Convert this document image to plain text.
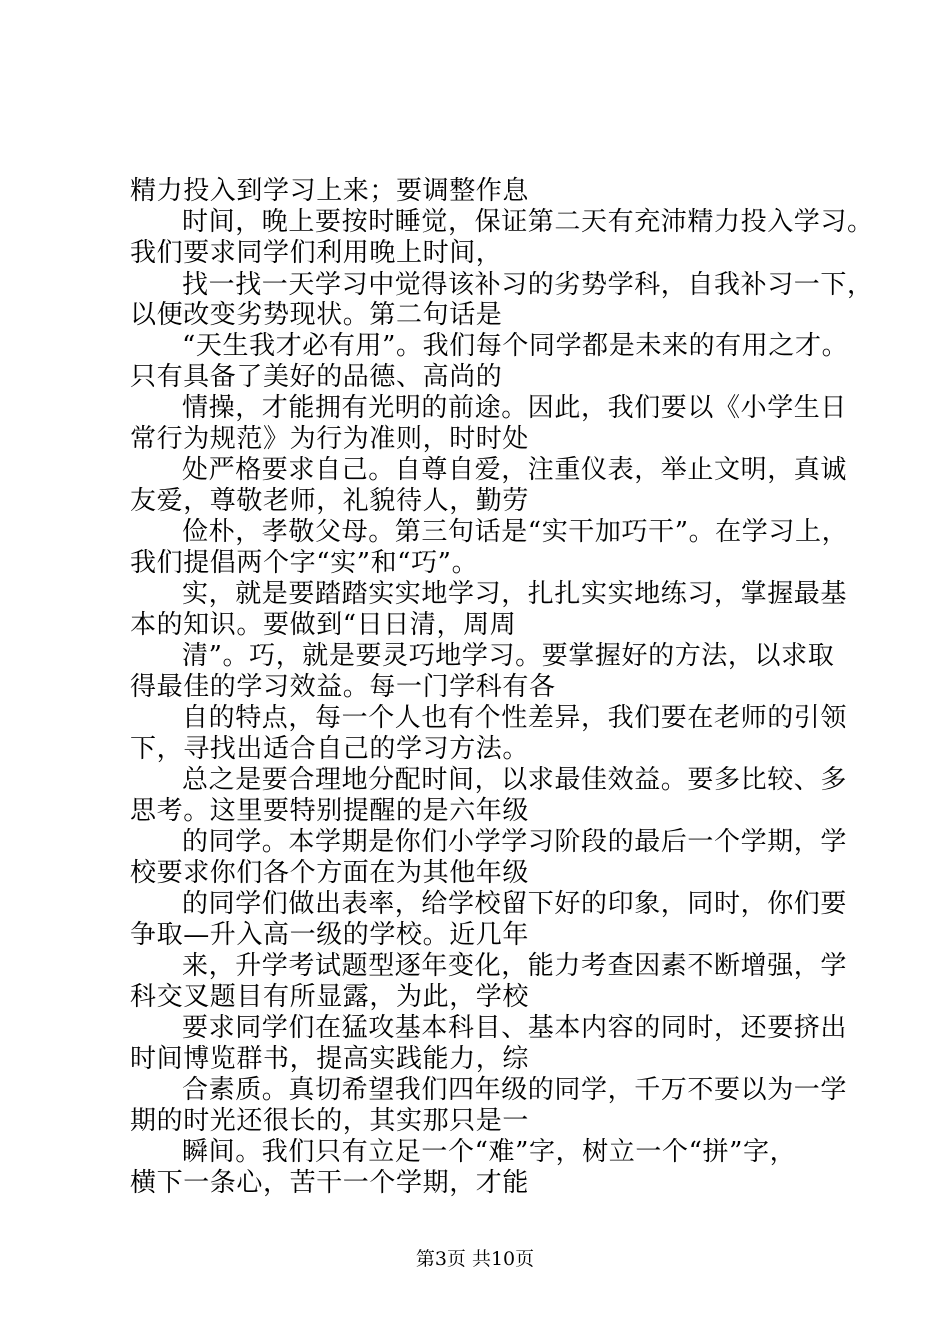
精力投入到学习上来；要调整作息
时间，晚上要按时睡觉，保证第二天有充沛精力投入学习。
我们要求同学们利用晚上时间，
找一找一天学习中觉得该补习的劣势学科，自我补习一下，
以便改变劣势现状。第二句话是
“天生我才必有用”。我们每个同学都是未来的有用之才。
只有具备了美好的品德、高尚的
情操，才能拥有光明的前途。因此，我们要以《小学生日
常行为规范》为行为准则，时时处
处严格要求自己。自尊自爱，注重仪表，举止文明，真诚
友爱，尊敬老师，礼貌待人，勤劳
俭朴，孝敬父母。第三句话是“实干加巧干”。在学习上，
我们提倡两个字“实”和“巧”。
实，就是要踏踏实实地学习，扎扎实实地练习，掌握最基
本的知识。要做到“日日清，周周
清”。巧，就是要灵巧地学习。要掌握好的方法，以求取
得最佳的学习效益。每一门学科有各
自的特点，每一个人也有个性差异，我们要在老师的引领
下，寻找出适合自己的学习方法。
总之是要合理地分配时间，以求最佳效益。要多比较、多
思考。这里要特别提醒的是六年级
的同学。本学期是你们小学学习阶段的最后一个学期，学
校要求你们各个方面在为其他年级
的同学们做出表率，给学校留下好的印象，同时，你们要
争取—升入高一级的学校。近几年
来，升学考试题型逐年变化，能力考查因素不断增强，学
科交叉题目有所显露，为此，学校
要求同学们在猛攻基本科目、基本内容的同时，还要挤出
时间博览群书，提高实践能力，综
合素质。真切希望我们四年级的同学，千万不要以为一学
期的时光还很长的，其实那只是一
瞬间。我们只有立足一个“难”字，树立一个“拼”字，
横下一条心，苦干一个学期，才能
第3页 共10页
